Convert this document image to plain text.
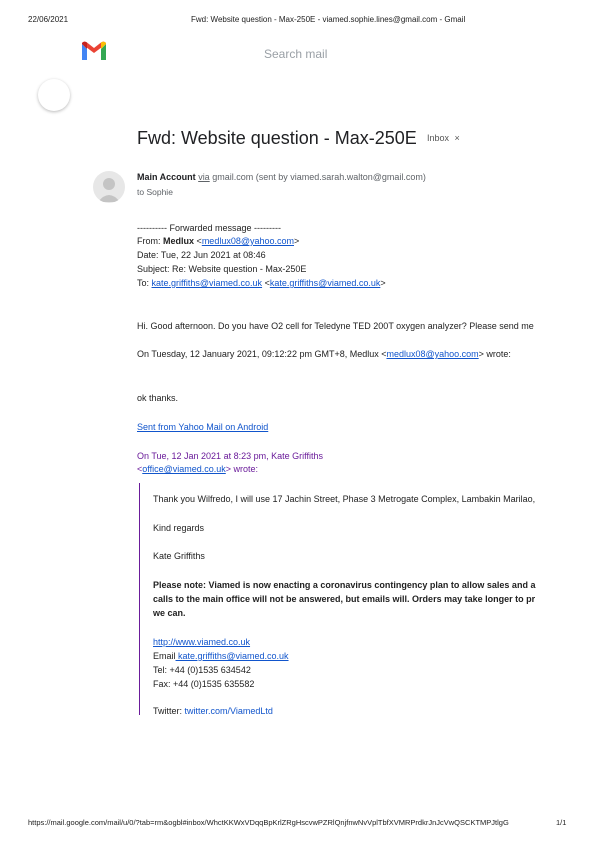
22/06/2021	Fwd: Website question - Max-250E - viamed.sophie.lines@gmail.com - Gmail
Search mail
Fwd: Website question - Max-250E Inbox ×
Main Account via gmail.com (sent by viamed.sarah.walton@gmail.com)
to Sophie
---------- Forwarded message ---------
From: Medlux <medlux08@yahoo.com>
Date: Tue, 22 Jun 2021 at 08:46
Subject: Re: Website question - Max-250E
To: kate.griffiths@viamed.co.uk <kate.griffiths@viamed.co.uk>
Hi. Good afternoon. Do you have O2 cell for Teledyne TED 200T oxygen analyzer? Please send me
On Tuesday, 12 January 2021, 09:12:22 pm GMT+8, Medlux <medlux08@yahoo.com> wrote:
ok thanks.
Sent from Yahoo Mail on Android
On Tue, 12 Jan 2021 at 8:23 pm, Kate Griffiths
<office@viamed.co.uk> wrote:
Thank you Wilfredo, I will use 17 Jachin Street, Phase 3 Metrogate Complex, Lambakin Marilao,
Kind regards
Kate Griffiths
Please note: Viamed is now enacting a coronavirus contingency plan to allow sales and a
calls to the main office will not be answered, but emails will. Orders may take longer to pr
we can.
http://www.viamed.co.uk
Email kate.griffiths@viamed.co.uk
Tel: +44 (0)1535 634542
Fax: +44 (0)1535 635582
Twitter: twitter.com/ViamedLtd
https://mail.google.com/mail/u/0/?tab=rm&ogbl#inbox/WhctKKWxVDqqBpKrlZRgHscvwPZRlQnjfnwNvVplTbfXVMRPrdkrJnJcVwQSCKTMPJtlgG	1/1
